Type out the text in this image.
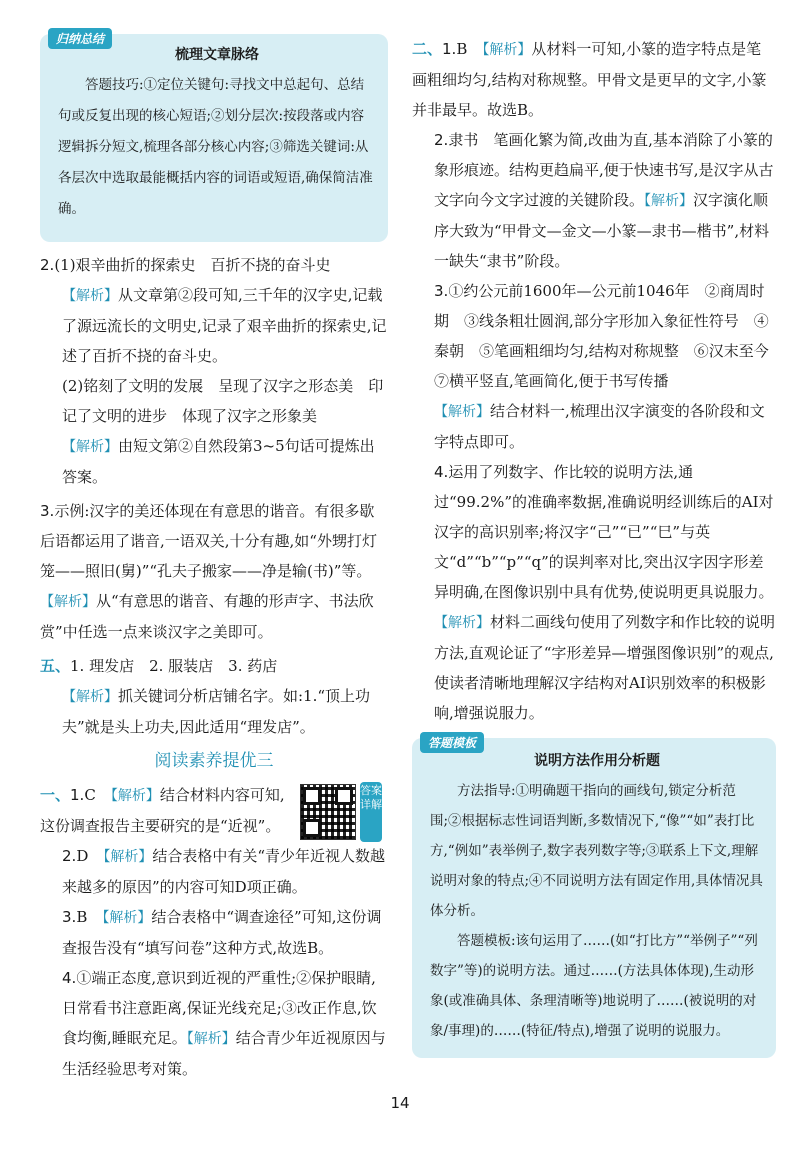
归纳总结
梳理文章脉络
答题技巧:①定位关键句:寻找文中总起句、总结句或反复出现的核心短语;②划分层次:按段落或内容逻辑拆分短文,梳理各部分核心内容;③筛选关键词:从各层次中选取最能概括内容的词语或短语,确保简洁准确。
2.(1)艰辛曲折的探索史　百折不挠的奋斗史
【解析】从文章第②段可知,三千年的汉字史,记载了源远流长的文明史,记录了艰辛曲折的探索史,记述了百折不挠的奋斗史。
(2)铭刻了文明的发展　呈现了汉字之形态美　印记了文明的进步　体现了汉字之形象美
【解析】由短文第②自然段第3~5句话可提炼出答案。
3.示例:汉字的美还体现在有意思的谐音。有很多歇后语都运用了谐音,一语双关,十分有趣,如“外甥打灯笼——照旧(舅)”“孔夫子搬家——净是输(书)”等。【解析】从“有意思的谐音、有趣的形声字、书法欣赏”中任选一点来谈汉字之美即可。
五、1. 理发店　2. 服装店　3. 药店
【解析】抓关键词分析店铺名字。如:1.“顶上功夫”就是头上功夫,因此适用“理发店”。
阅读素养提优三
一、1.C　 【解析】结合材料内容可知,这份调查报告主要研究的是“近视”。
答案详解
2.D　 【解析】结合表格中有关“青少年近视人数越来越多的原因”的内容可知D项正确。
3.B　 【解析】结合表格中“调查途径”可知,这份调查报告没有“填写问卷”这种方式,故选B。
4.①端正态度,意识到近视的严重性;②保护眼睛,日常看书注意距离,保证光线充足;③改正作息,饮食均衡,睡眠充足。【解析】结合青少年近视原因与生活经验思考对策。
二、1.B　 【解析】从材料一可知,小篆的造字特点是笔画粗细均匀,结构对称规整。甲骨文是更早的文字,小篆并非最早。故选B。
2.隶书　笔画化繁为简,改曲为直,基本消除了小篆的象形痕迹。结构更趋扁平,便于快速书写,是汉字从古文字向今文字过渡的关键阶段。【解析】汉字演化顺序大致为“甲骨文—金文—小篆—隶书—楷书”,材料一缺失“隶书”阶段。
3.①约公元前1600年—公元前1046年　②商周时期　③线条粗壮圆润,部分字形加入象征性符号　④秦朝　⑤笔画粗细均匀,结构对称规整　⑥汉末至今　⑦横平竖直,笔画简化,便于书写传播
【解析】结合材料一,梳理出汉字演变的各阶段和文字特点即可。
4.运用了列数字、作比较的说明方法,通过“99.2%”的准确率数据,准确说明经训练后的AI对汉字的高识别率;将汉字“己”“已”“巳”与英文“d”“b”“p”“q”的误判率对比,突出汉字因字形差异明确,在图像识别中具有优势,使说明更具说服力。
【解析】材料二画线句使用了列数字和作比较的说明方法,直观论证了“字形差异—增强图像识别”的观点,使读者清晰地理解汉字结构对AI识别效率的积极影响,增强说服力。
答题模板
说明方法作用分析题

方法指导:①明确题干指向的画线句,锁定分析范围;②根据标志性词语判断,多数情况下,“像”“如”表打比方,“例如”表举例子,数字表列数字等;③联系上下文,理解说明对象的特点;④不同说明方法有固定作用,具体情况具体分析。

答题模板:该句运用了……(如“打比方”“举例子”“列数字”等)的说明方法。通过……(方法具体体现),生动形象(或准确具体、条理清晰等)地说明了……(被说明的对象/事理)的……(特征/特点),增强了说明的说服力。

14
